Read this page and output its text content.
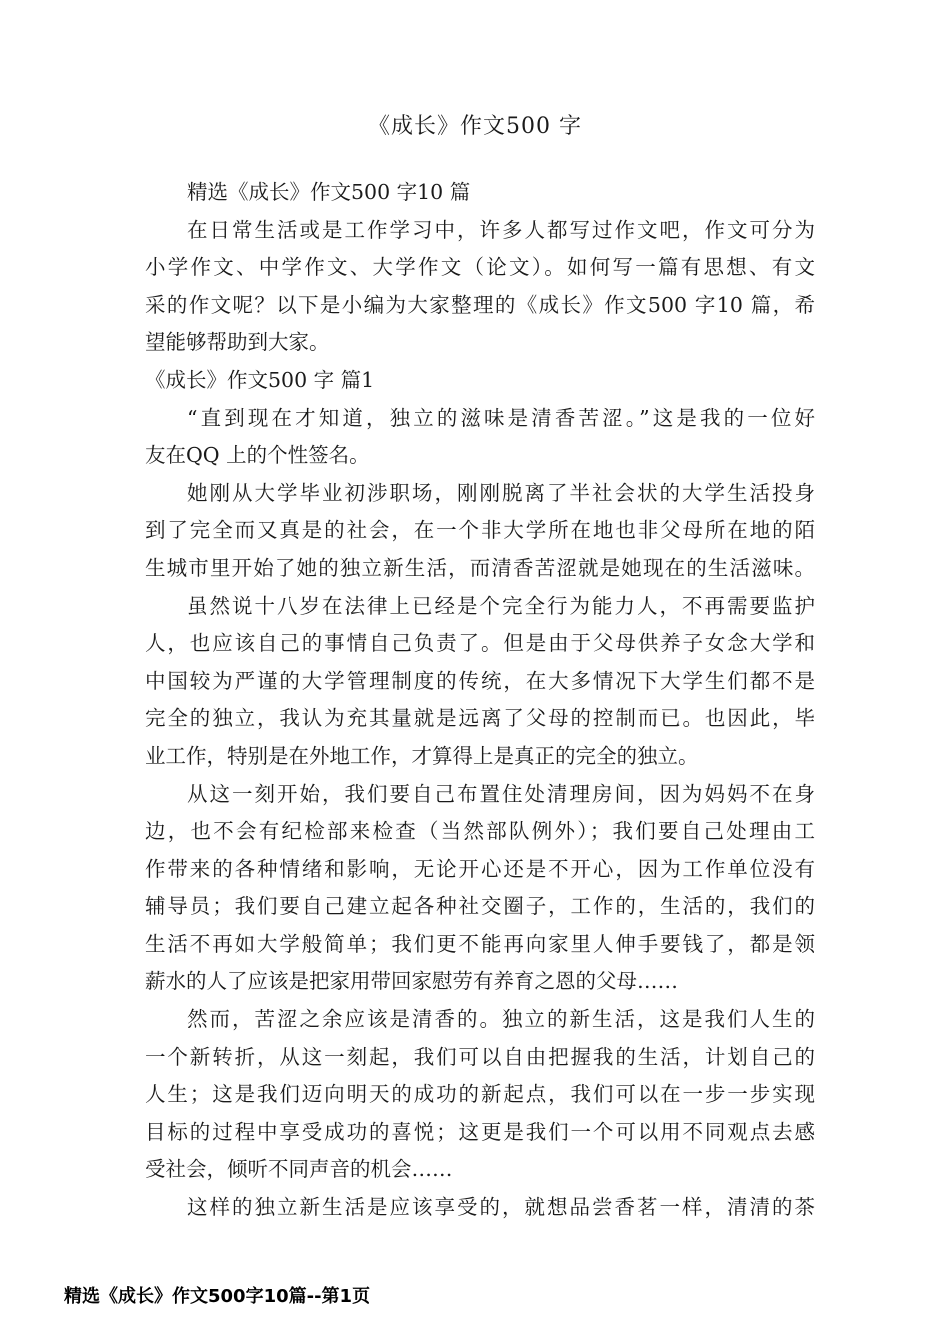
《成长》作文500 字
精选《成长》作文500 字10 篇
在日常生活或是工作学习中，许多人都写过作文吧，作文可分为
小学作文、中学作文、大学作文（论文）。如何写一篇有思想、有文
采的作文呢？以下是小编为大家整理的《成长》作文500 字10 篇，希
望能够帮助到大家。
《成长》作文500 字 篇1
“直到现在才知道，独立的滋味是清香苦涩。”这是我的一位好
友在QQ 上的个性签名。
她刚从大学毕业初涉职场，刚刚脱离了半社会状的大学生活投身
到了完全而又真是的社会，在一个非大学所在地也非父母所在地的陌
生城市里开始了她的独立新生活，而清香苦涩就是她现在的生活滋味。
虽然说十八岁在法律上已经是个完全行为能力人，不再需要监护
人，也应该自己的事情自己负责了。但是由于父母供养子女念大学和
中国较为严谨的大学管理制度的传统，在大多情况下大学生们都不是
完全的独立，我认为充其量就是远离了父母的控制而已。也因此，毕
业工作，特别是在外地工作，才算得上是真正的完全的独立。
从这一刻开始，我们要自己布置住处清理房间，因为妈妈不在身
边，也不会有纪检部来检查（当然部队例外）；我们要自己处理由工
作带来的各种情绪和影响，无论开心还是不开心，因为工作单位没有
辅导员；我们要自己建立起各种社交圈子，工作的，生活的，我们的
生活不再如大学般简单；我们更不能再向家里人伸手要钱了，都是领
薪水的人了应该是把家用带回家慰劳有养育之恩的父母……
然而，苦涩之余应该是清香的。独立的新生活，这是我们人生的
一个新转折，从这一刻起，我们可以自由把握我的生活，计划自己的
人生；这是我们迈向明天的成功的新起点，我们可以在一步一步实现
目标的过程中享受成功的喜悦；这更是我们一个可以用不同观点去感
受社会，倾听不同声音的机会……
这样的独立新生活是应该享受的，就想品尝香茗一样，清清的茶

精选《成长》作文500字10篇--第1页
